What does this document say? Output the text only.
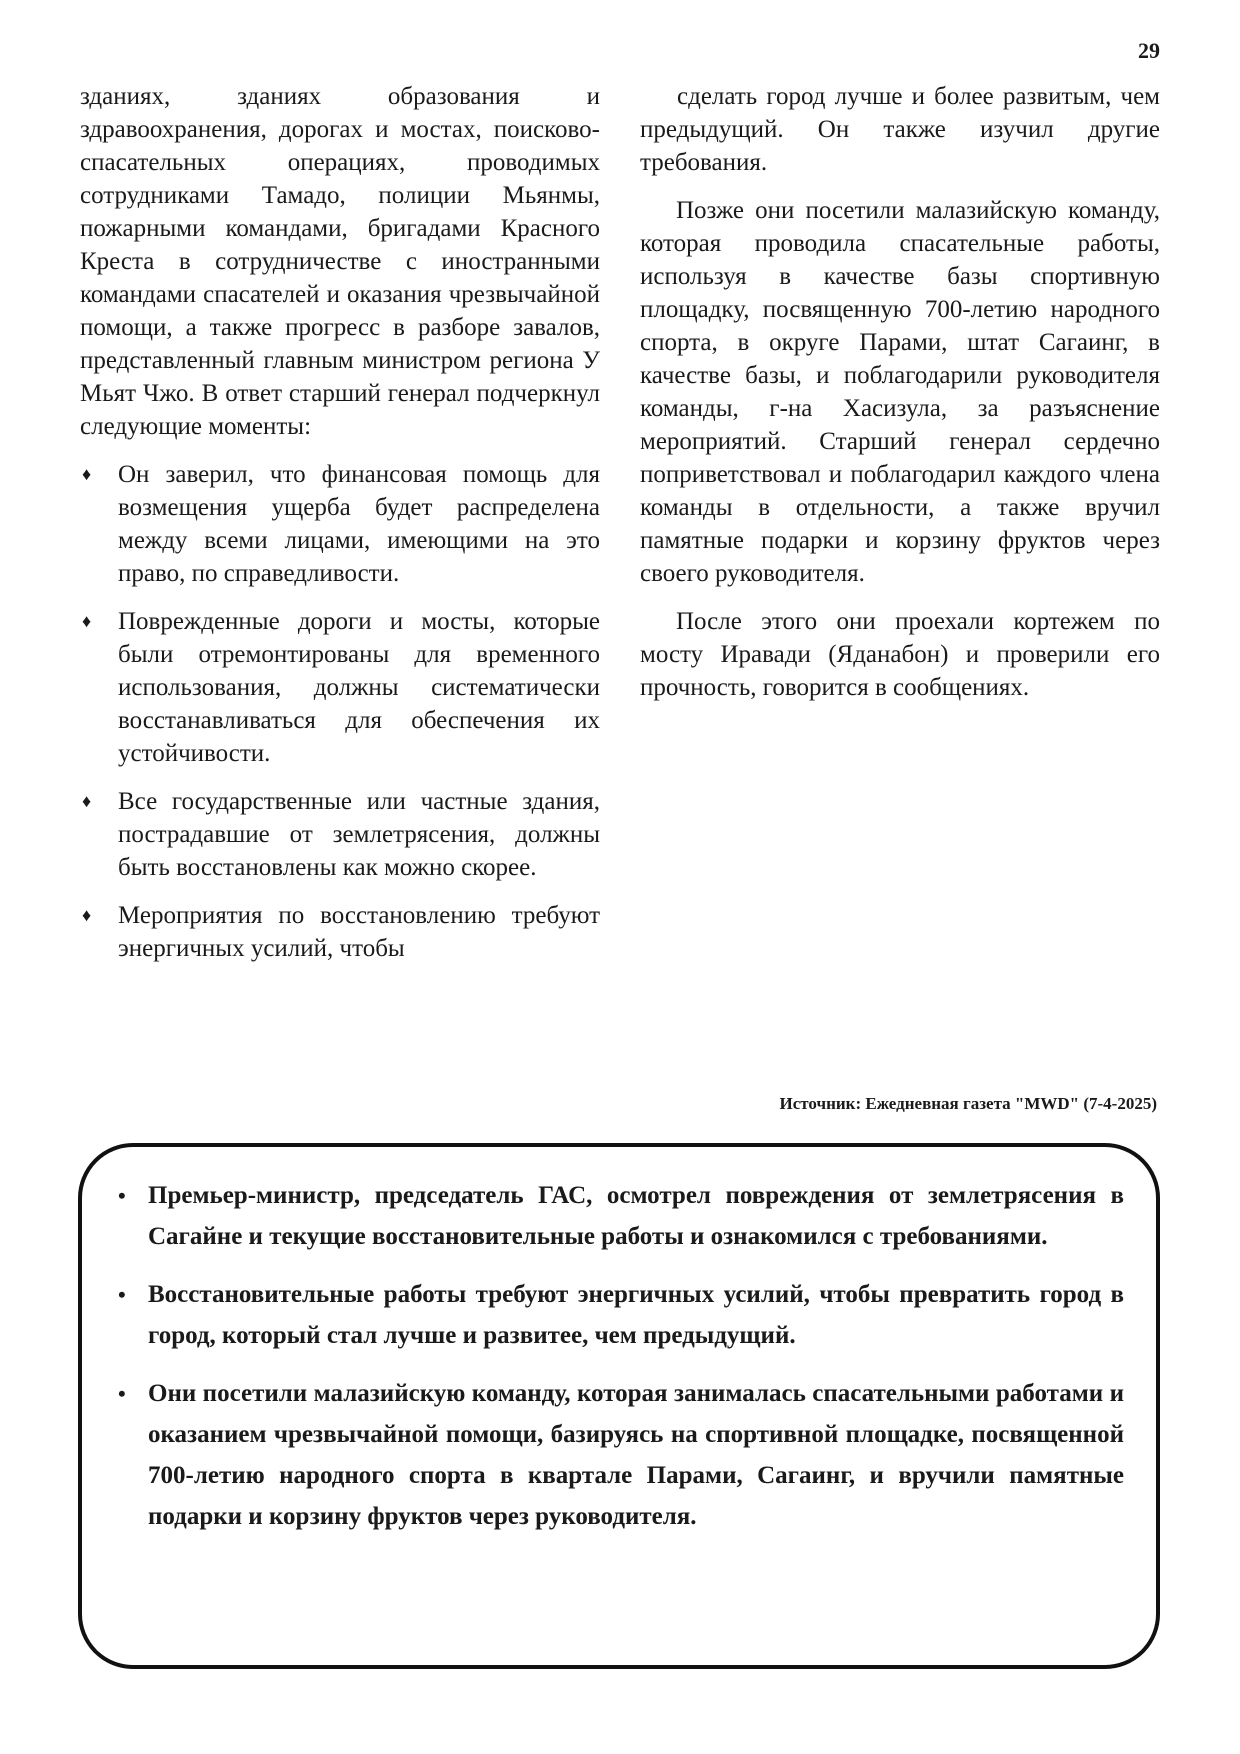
29

зданиях, зданиях образования и здравоохранения, дорогах и мостах, поисково-спасательных операциях, проводимых сотрудниками Тамадо, полиции Мьянмы, пожарными командами, бригадами Красного Креста в сотрудничестве с иностранными командами спасателей и оказания чрезвычайной помощи, а также прогресс в разборе завалов, представленный главным министром региона У Мьят Чжо. В ответ старший генерал подчеркнул следующие моменты:

♦ Он заверил, что финансовая помощь для возмещения ущерба будет распределена между всеми лицами, имеющими на это право, по справедливости.
♦ Поврежденные дороги и мосты, которые были отремонтированы для временного использования, должны систематически восстанавливаться для обеспечения их устойчивости.
♦ Все государственные или частные здания, пострадавшие от землетрясения, должны быть восстановлены как можно скорее.
♦ Мероприятия по восстановлению требуют энергичных усилий, чтобы

сделать город лучше и более развитым, чем предыдущий. Он также изучил другие требования.

Позже они посетили малазийскую команду, которая проводила спасательные работы, используя в качестве базы спортивную площадку, посвященную 700-летию народного спорта, в округе Парами, штат Сагаинг, в качестве базы, и поблагодарили руководителя команды, г-на Хасизула, за разъяснение мероприятий. Старший генерал сердечно поприветствовал и поблагодарил каждого члена команды в отдельности, а также вручил памятные подарки и корзину фруктов через своего руководителя.

После этого они проехали кортежем по мосту Иравади (Яданабон) и проверили его прочность, говорится в сообщениях.

Источник: Ежедневная газета "MWD" (7-4-2025)
• Премьер-министр, председатель ГАС, осмотрел повреждения от землетрясения в Сагайне и текущие восстановительные работы и ознакомился с требованиями.
• Восстановительные работы требуют энергичных усилий, чтобы превратить город в город, который стал лучше и развитее, чем предыдущий.
• Они посетили малазийскую команду, которая занималась спасательными работами и оказанием чрезвычайной помощи, базируясь на спортивной площадке, посвященной 700-летию народного спорта в квартале Парами, Сагаинг, и вручили памятные подарки и корзину фруктов через руководителя.
